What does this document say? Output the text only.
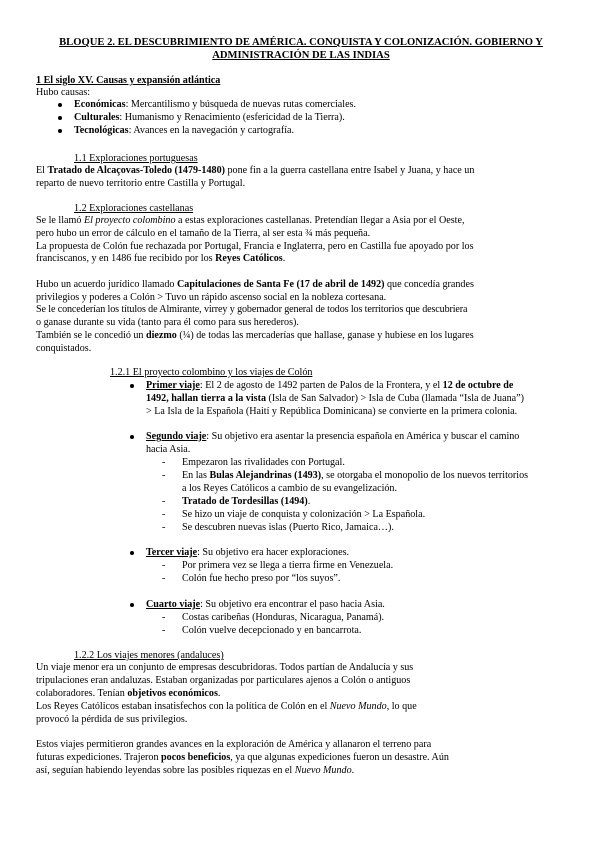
BLOQUE 2. EL DESCUBRIMIENTO DE AMÉRICA. CONQUISTA Y COLONIZACIÓN. GOBIERNO Y
ADMINISTRACIÓN DE LAS INDIAS
1 El siglo XV. Causas y expansión atlántica
Hubo causas:
Económicas: Mercantilismo y búsqueda de nuevas rutas comerciales.
Culturales: Humanismo y Renacimiento (esfericidad de la Tierra).
Tecnológicas: Avances en la navegación y cartografía.
1.1 Exploraciones portuguesas
El Tratado de Alcaçovas-Toledo (1479-1480) pone fin a la guerra castellana entre Isabel y Juana, y hace un
reparto de nuevo territorio entre Castilla y Portugal.
1.2 Exploraciones castellanas
Se le llamó El proyecto colombino a estas exploraciones castellanas. Pretendían llegar a Asia por el Oeste,
pero hubo un error de cálculo en el tamaño de la Tierra, al ser esta ¾ más pequeña.
La propuesta de Colón fue rechazada por Portugal, Francia e Inglaterra, pero en Castilla fue apoyado por los
franciscanos, y en 1486 fue recibido por los Reyes Católicos.
Hubo un acuerdo jurídico llamado Capitulaciones de Santa Fe (17 de abril de 1492) que concedía grandes
privilegios y poderes a Colón > Tuvo un rápido ascenso social en la nobleza cortesana.
Se le concederían los títulos de Almirante, virrey y gobernador general de todos los territorios que descubriera
o ganase durante su vida (tanto para él como para sus herederos).
También se le concedió un diezmo (¼) de todas las mercaderías que hallase, ganase y hubiese en los lugares
conquistados.
1.2.1 El proyecto colombino y los viajes de Colón
Primer viaje: El 2 de agosto de 1492 parten de Palos de la Frontera, y el 12 de octubre de
1492, hallan tierra a la vista (Isla de San Salvador) > Isla de Cuba (llamada “Isla de Juana”)
> La Isla de la Española (Haití y República Dominicana) se convierte en la primera colonia.
Segundo viaje: Su objetivo era asentar la presencia española en América y buscar el camino
hacia Asia.
- Empezaron las rivalidades con Portugal.
- En las Bulas Alejandrinas (1493), se otorgaba el monopolio de los nuevos territorios
a los Reyes Católicos a cambio de su evangelización.
- Tratado de Tordesillas (1494).
- Se hizo un viaje de conquista y colonización > La Española.
- Se descubren nuevas islas (Puerto Rico, Jamaica…).
Tercer viaje: Su objetivo era hacer exploraciones.
- Por primera vez se llega a tierra firme en Venezuela.
- Colón fue hecho preso por “los suyos”.
Cuarto viaje: Su objetivo era encontrar el paso hacia Asia.
- Costas caribeñas (Honduras, Nicaragua, Panamá).
- Colón vuelve decepcionado y en bancarrota.
1.2.2 Los viajes menores (andaluces)
Un viaje menor era un conjunto de empresas descubridoras. Todos partían de Andalucía y sus
tripulaciones eran andaluzas. Estaban organizadas por particulares ajenos a Colón o antiguos
colaboradores. Tenían objetivos económicos.
Los Reyes Católicos estaban insatisfechos con la política de Colón en el Nuevo Mundo, lo que
provocó la pérdida de sus privilegios.
Estos viajes permitieron grandes avances en la exploración de América y allanaron el terreno para
futuras expediciones. Trajeron pocos beneficios, ya que algunas expediciones fueron un desastre. Aún
así, seguían habiendo leyendas sobre las posibles riquezas en el Nuevo Mundo.
